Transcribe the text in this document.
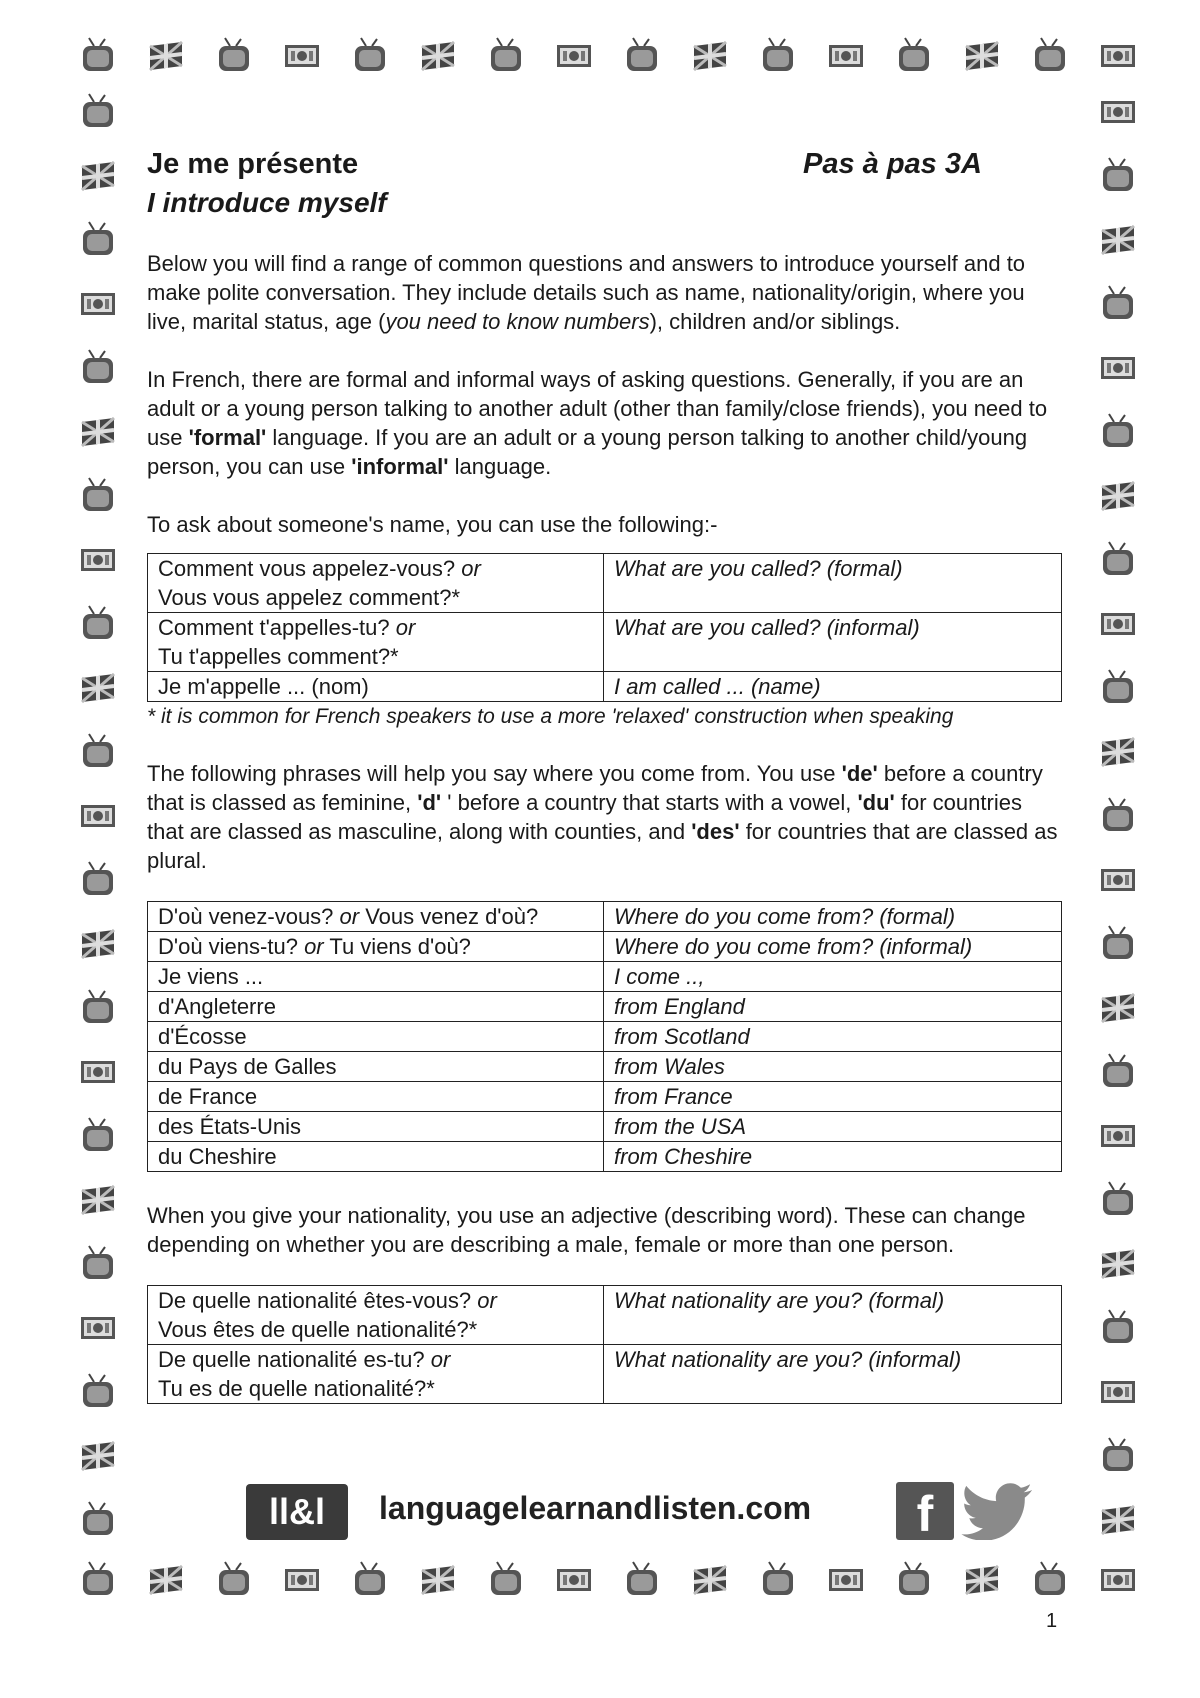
Je me présente	Pas à pas 3A
I introduce myself

Below you will find a range of common questions and answers to introduce yourself and to make polite conversation. They include details such as name, nationality/origin, where you live, marital status, age (you need to know numbers), children and/or siblings.

In French, there are formal and informal ways of asking questions. Generally, if you are an adult or a young person talking to another adult (other than family/close friends), you need to use 'formal' language. If you are an adult or a young person talking to another child/young person, you can use 'informal' language.

To ask about someone's name, you can use the following:-

Comment vous appelez-vous? or
Vous vous appelez comment?*	What are you called? (formal)
Comment t'appelles-tu? or
Tu t'appelles comment?*	What are you called? (informal)
Je m'appelle ... (nom)	I am called ... (name)
* it is common for French speakers to use a more 'relaxed' construction when speaking

The following phrases will help you say where you come from. You use 'de' before a country that is classed as feminine, 'd' ' before a country that starts with a vowel, 'du' for countries that are classed as masculine, along with counties, and 'des' for countries that are classed as plural.

D'où venez-vous? or Vous venez d'où?	Where do you come from? (formal)
D'où viens-tu? or Tu viens d'où?	Where do you come from? (informal)
Je viens ...	I come ..,
d'Angleterre	from England
d'Écosse	from Scotland
du Pays de Galles	from Wales
de France	from France
des États-Unis	from the USA
du Cheshire	from Cheshire

When you give your nationality, you use an adjective (describing word). These can change depending on whether you are describing a male, female or more than one person.

De quelle nationalité êtes-vous? or
Vous êtes de quelle nationalité?*	What nationality are you? (formal)
De quelle nationalité es-tu? or
Tu es de quelle nationalité?*	What nationality are you? (informal)
ll&l	languagelearnandlisten.com	f
1
